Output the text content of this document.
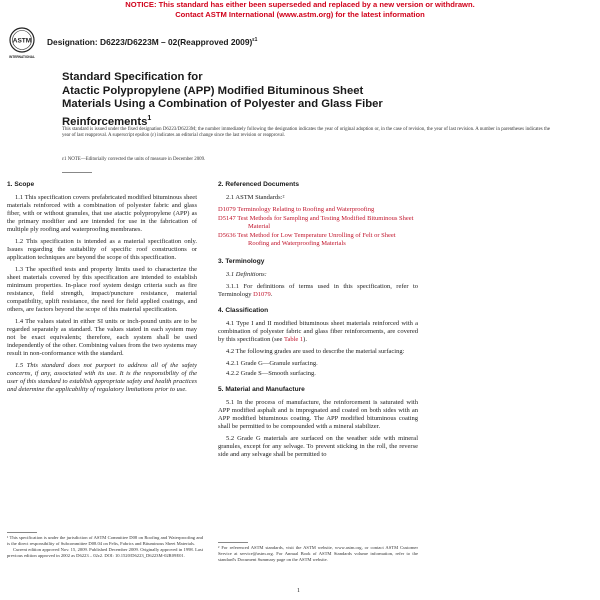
NOTICE: This standard has either been superseded and replaced by a new version or withdrawn.
Contact ASTM International (www.astm.org) for the latest information
ASTM
INTERNATIONAL
Designation: D6223/D6223M – 02(Reapproved 2009)$^{\varepsilon 1}$
Standard Specification for
Atactic Polypropylene (APP) Modified Bituminous Sheet
Materials Using a Combination of Polyester and Glass Fiber
Reinforcements$^1$
This standard is issued under the fixed designation D6223/D6223M; the number immediately following the designation indicates the year of original adoption or, in the case of revision, the year of last revision. A number in parentheses indicates the year of last reapproval. A superscript epsilon (ε) indicates an editorial change since the last revision or reapproval.
ε1 NOTE—Editorially corrected the units of measure in December 2009.
1. Scope
1.1 This specification covers prefabricated modified bituminous sheet materials reinforced with a combination of polyester fabric and glass fiber, with or without granules, that use atactic polypropylene (APP) as the primary modifier and are intended for use in the fabrication of multiple ply roofing and waterproofing membranes.
1.2 This specification is intended as a material specification only. Issues regarding the suitability of specific roof constructions or application techniques are beyond the scope of this specification.
1.3 The specified tests and property limits used to characterize the sheet materials covered by this specification are intended to establish minimum properties. In-place roof system design criteria such as fire resistance, field strength, impact/puncture resistance, material compatibility, uplift resistance, the need for field applied coatings, and others, are factors beyond the scope of this material specification.
1.4 The values stated in either SI units or inch-pound units are to be regarded separately as standard. The values stated in each system may not be exact equivalents; therefore, each system shall be used independently of the other. Combining values from the two systems may result in non-conformance with the standard.
1.5 This standard does not purport to address all of the safety concerns, if any, associated with its use. It is the responsibility of the user of this standard to establish appropriate safety and health practices and determine the applicability of regulatory limitations prior to use.
¹ This specification is under the jurisdiction of ASTM Committee D08 on Roofing and Waterproofing and is the direct responsibility of Subcommittee D08.04 on Felts, Fabrics and Bituminous Sheet Materials.
Current edition approved Nov. 15, 2009. Published December 2009. Originally approved in 1998. Last previous edition approved in 2002 as D6223 – 02ε2. DOI: 10.1520/D6223_D6223M-02R09E01.
2. Referenced Documents
2.1 ASTM Standards:²
D1079 Terminology Relating to Roofing and Waterproofing
D5147 Test Methods for Sampling and Testing Modified Bituminous Sheet Material
D5636 Test Method for Low Temperature Unrolling of Felt or Sheet Roofing and Waterproofing Materials
3. Terminology
3.1 Definitions:
3.1.1 For definitions of terms used in this specification, refer to Terminology D1079.
4. Classification
4.1 Type I and II modified bituminous sheet materials reinforced with a combination of polyester fabric and glass fiber reinforcements, are covered by this specification (see Table 1).
4.2 The following grades are used to describe the material surfacing:
4.2.1 Grade G—Granule surfacing.
4.2.2 Grade S—Smooth surfacing.
5. Material and Manufacture
5.1 In the process of manufacture, the reinforcement is saturated with APP modified asphalt and is impregnated and coated on both sides with an APP modified bituminous coating. The APP modified bituminous coating shall be permitted to be compounded with a mineral stabilizer.
5.2 Grade G materials are surfaced on the weather side with mineral granules, except for any selvage. To prevent sticking in the roll, the reverse side and any selvage shall be permitted to
² For referenced ASTM standards, visit the ASTM website, www.astm.org, or contact ASTM Customer Service at service@astm.org. For Annual Book of ASTM Standards volume information, refer to the standard's Document Summary page on the ASTM website.
1
